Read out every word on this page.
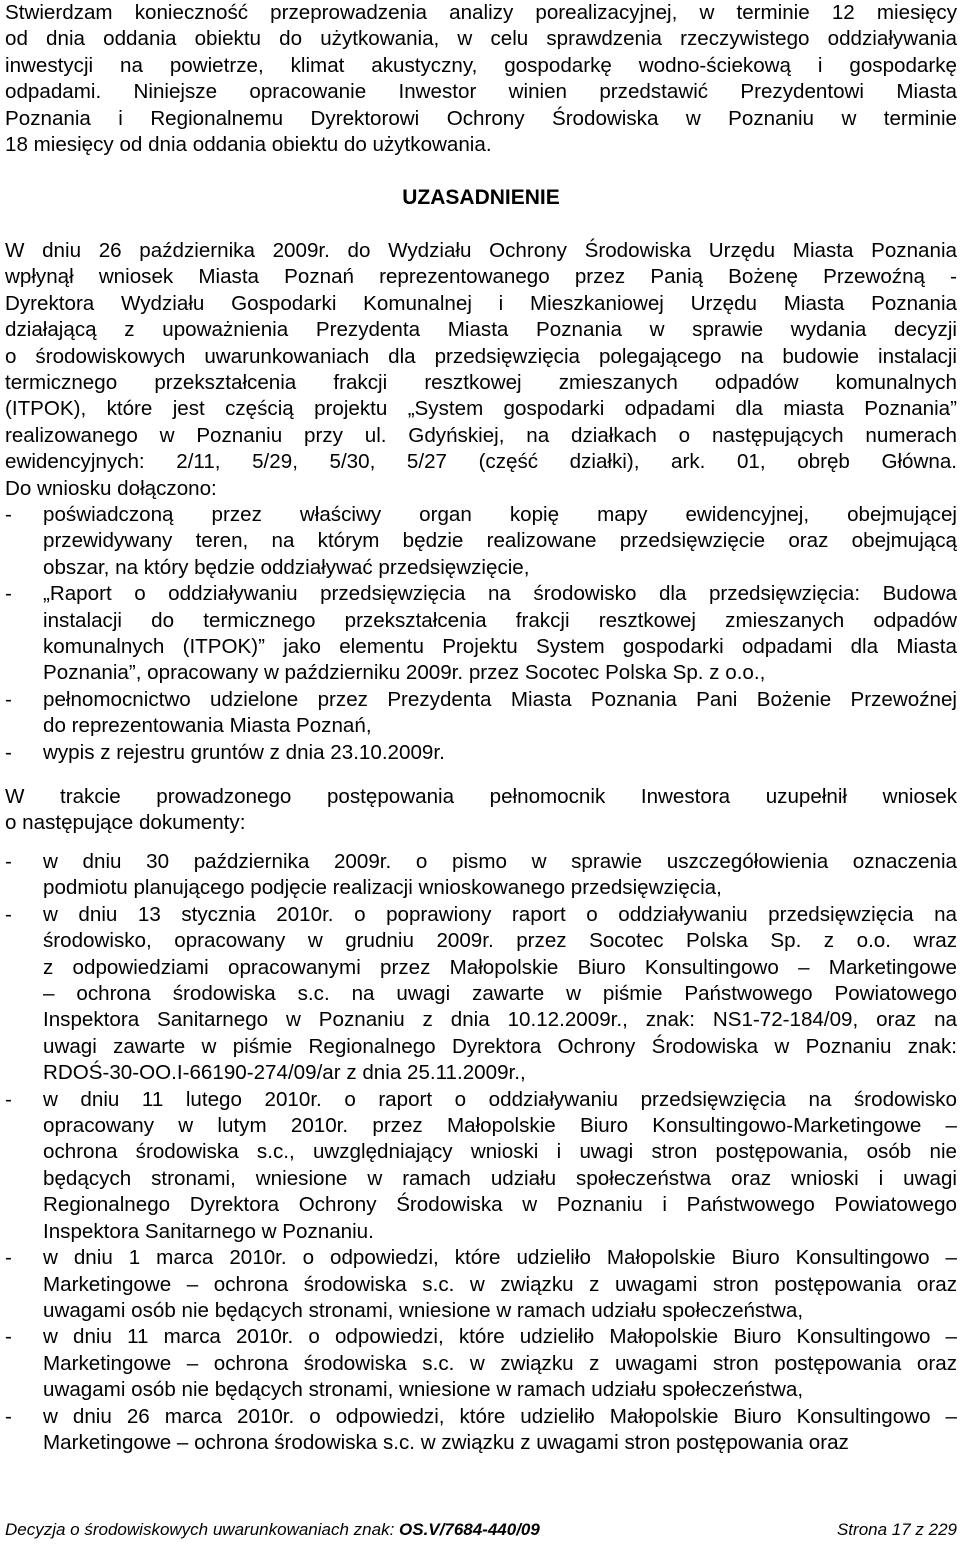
Stwierdzam konieczność przeprowadzenia analizy porealizacyjnej, w terminie 12 miesięcy
od dnia oddania obiektu do użytkowania, w celu sprawdzenia rzeczywistego oddziaływania
inwestycji na powietrze, klimat akustyczny, gospodarkę wodno-ściekową i gospodarkę
odpadami. Niniejsze opracowanie Inwestor winien przedstawić Prezydentowi Miasta
Poznania i Regionalnemu Dyrektorowi Ochrony Środowiska w Poznaniu w terminie
18 miesięcy od dnia oddania obiektu do użytkowania.
UZASADNIENIE
W dniu 26 października 2009r. do Wydziału Ochrony Środowiska Urzędu Miasta Poznania
wpłynął wniosek Miasta Poznań reprezentowanego przez Panią Bożenę Przewoźną -
Dyrektora Wydziału Gospodarki Komunalnej i Mieszkaniowej Urzędu Miasta Poznania
działającą z upoważnienia Prezydenta Miasta Poznania w sprawie wydania decyzji
o środowiskowych uwarunkowaniach dla przedsięwzięcia polegającego na budowie instalacji
termicznego przekształcenia frakcji resztkowej zmieszanych odpadów komunalnych
(ITPOK), które jest częścią projektu „System gospodarki odpadami dla miasta Poznania”
realizowanego w Poznaniu przy ul. Gdyńskiej, na działkach o następujących numerach
ewidencyjnych: 2/11, 5/29, 5/30, 5/27 (część działki), ark. 01, obręb Główna.
Do wniosku dołączono:
- poświadczoną przez właściwy organ kopię mapy ewidencyjnej, obejmującej
przewidywany teren, na którym będzie realizowane przedsięwzięcie oraz obejmującą
obszar, na który będzie oddziaływać przedsięwzięcie,
- „Raport o oddziaływaniu przedsięwzięcia na środowisko dla przedsięwzięcia: Budowa
instalacji do termicznego przekształcenia frakcji resztkowej zmieszanych odpadów
komunalnych (ITPOK)” jako elementu Projektu System gospodarki odpadami dla Miasta
Poznania”, opracowany w październiku 2009r. przez Socotec Polska Sp. z o.o.,
- pełnomocnictwo udzielone przez Prezydenta Miasta Poznania Pani Bożenie Przewoźnej
do reprezentowania Miasta Poznań,
- wypis z rejestru gruntów z dnia 23.10.2009r.
W trakcie prowadzonego postępowania pełnomocnik Inwestora uzupełnił wniosek
o następujące dokumenty:
- w dniu 30 października 2009r. o pismo w sprawie uszczegółowienia oznaczenia
podmiotu planującego podjęcie realizacji wnioskowanego przedsięwzięcia,
- w dniu 13 stycznia 2010r. o poprawiony raport o oddziaływaniu przedsięwzięcia na
środowisko, opracowany w grudniu 2009r. przez Socotec Polska Sp. z o.o. wraz
z odpowiedziami opracowanymi przez Małopolskie Biuro Konsultingowo – Marketingowe
– ochrona środowiska s.c. na uwagi zawarte w piśmie Państwowego Powiatowego
Inspektora Sanitarnego w Poznaniu z dnia 10.12.2009r., znak: NS1-72-184/09, oraz na
uwagi zawarte w piśmie Regionalnego Dyrektora Ochrony Środowiska w Poznaniu znak:
RDOŚ-30-OO.I-66190-274/09/ar z dnia 25.11.2009r.,
- w dniu 11 lutego 2010r. o raport o oddziaływaniu przedsięwzięcia na środowisko
opracowany w lutym 2010r. przez Małopolskie Biuro Konsultingowo-Marketingowe –
ochrona środowiska s.c., uwzględniający wnioski i uwagi stron postępowania, osób nie
będących stronami, wniesione w ramach udziału społeczeństwa oraz wnioski i uwagi
Regionalnego Dyrektora Ochrony Środowiska w Poznaniu i Państwowego Powiatowego
Inspektora Sanitarnego w Poznaniu.
- w dniu 1 marca 2010r. o odpowiedzi, które udzieliło Małopolskie Biuro Konsultingowo –
Marketingowe – ochrona środowiska s.c. w związku z uwagami stron postępowania oraz
uwagami osób nie będących stronami, wniesione w ramach udziału społeczeństwa,
- w dniu 11 marca 2010r. o odpowiedzi, które udzieliło Małopolskie Biuro Konsultingowo –
Marketingowe – ochrona środowiska s.c. w związku z uwagami stron postępowania oraz
uwagami osób nie będących stronami, wniesione w ramach udziału społeczeństwa,
- w dniu 26 marca 2010r. o odpowiedzi, które udzieliło Małopolskie Biuro Konsultingowo –
Marketingowe – ochrona środowiska s.c. w związku z uwagami stron postępowania oraz
Decyzja o środowiskowych uwarunkowaniach znak: OS.V/7684-440/09	Strona 17 z 229
